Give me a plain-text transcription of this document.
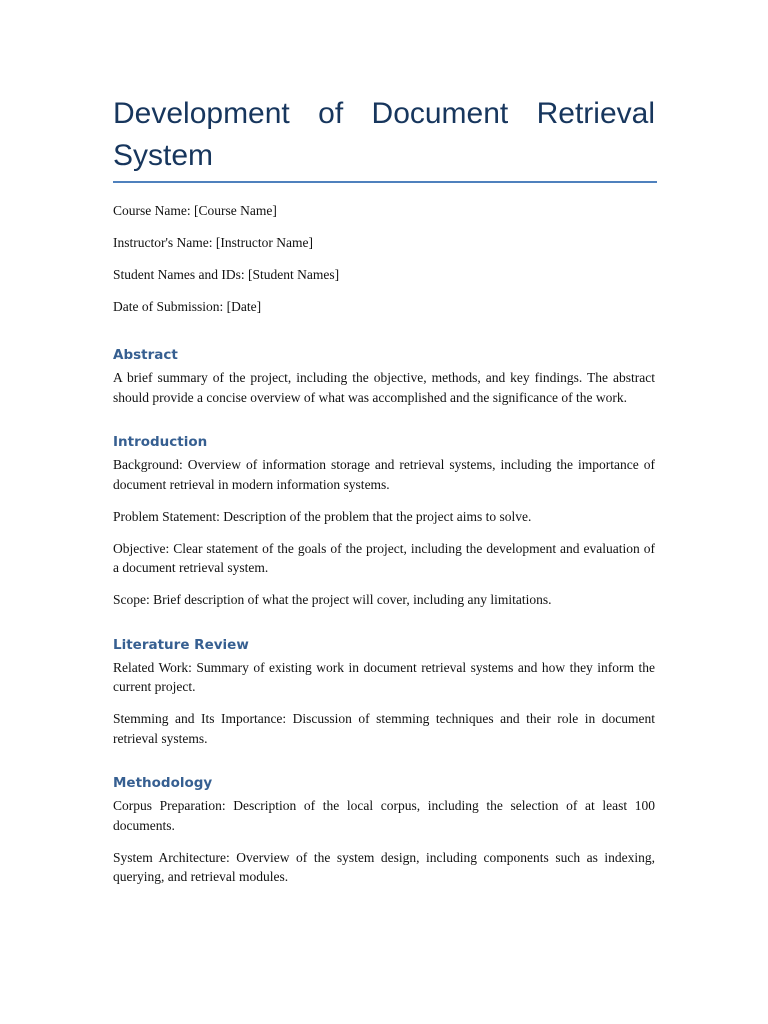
Development of Document Retrieval System

Course Name: [Course Name]

Instructor's Name: [Instructor Name]

Student Names and IDs: [Student Names]

Date of Submission: [Date]

Abstract

A brief summary of the project, including the objective, methods, and key findings. The abstract should provide a concise overview of what was accomplished and the significance of the work.

Introduction

Background: Overview of information storage and retrieval systems, including the importance of document retrieval in modern information systems.

Problem Statement: Description of the problem that the project aims to solve.

Objective: Clear statement of the goals of the project, including the development and evaluation of a document retrieval system.

Scope: Brief description of what the project will cover, including any limitations.

Literature Review

Related Work: Summary of existing work in document retrieval systems and how they inform the current project.

Stemming and Its Importance: Discussion of stemming techniques and their role in document retrieval systems.

Methodology

Corpus Preparation: Description of the local corpus, including the selection of at least 100 documents.

System Architecture: Overview of the system design, including components such as indexing, querying, and retrieval modules.
